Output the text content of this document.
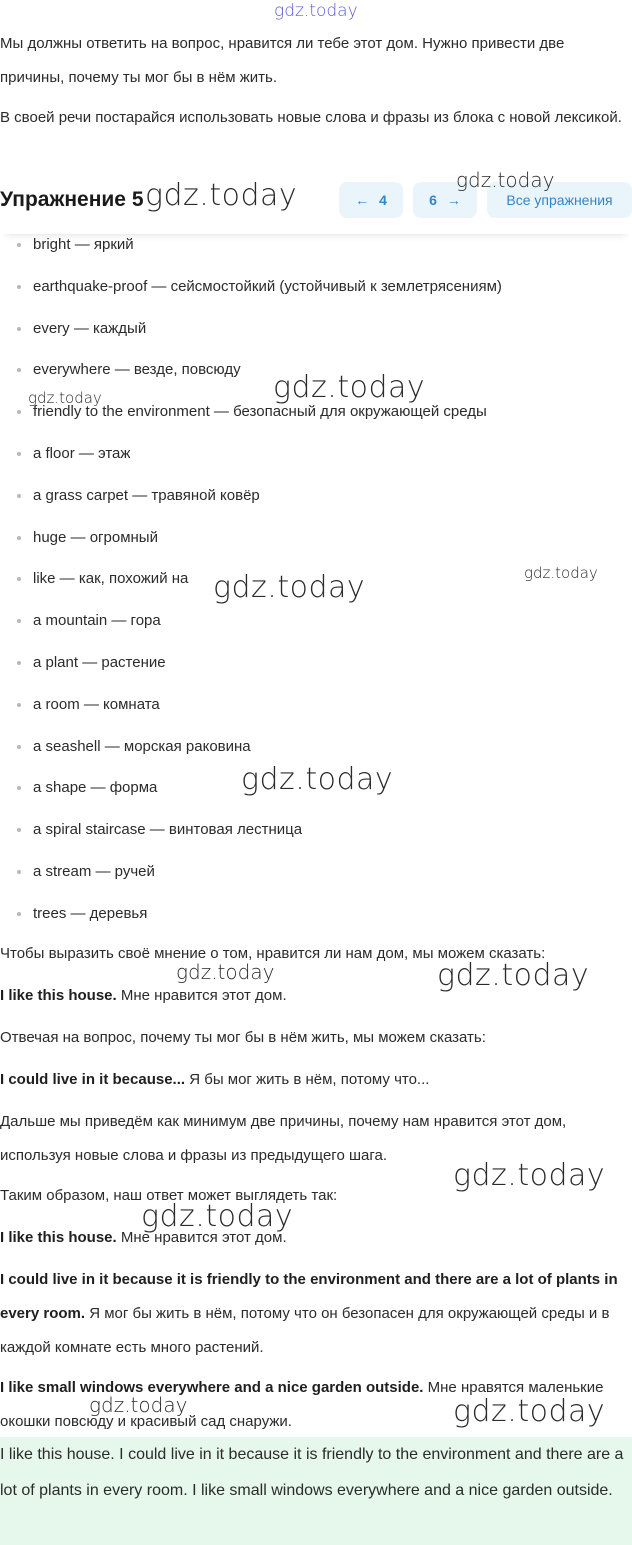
Мы должны ответить на вопрос, нравится ли тебе этот дом. Нужно привести две причины, почему ты мог бы в нём жить.

В своей речи постарайся использовать новые слова и фразы из блока с новой лексикой.

Упражнение 5	← 4	6 →	Все упражнения
bright — яркий
earthquake-proof — сейсмостойкий (устойчивый к землетрясениям)
every — каждый
everywhere — везде, повсюду
friendly to the environment — безопасный для окружающей среды
a floor — этаж
a grass carpet — травяной ковёр
huge — огромный
like — как, похожий на
a mountain — гора
a plant — растение
a room — комната
a seashell — морская раковина
a shape — форма
a spiral staircase — винтовая лестница
a stream — ручей
trees — деревья

Чтобы выразить своё мнение о том, нравится ли нам дом, мы можем сказать:

I like this house. Мне нравится этот дом.

Отвечая на вопрос, почему ты мог бы в нём жить, мы можем сказать:

I could live in it because... Я бы мог жить в нём, потому что...

Дальше мы приведём как минимум две причины, почему нам нравится этот дом, используя новые слова и фразы из предыдущего шага.

Таким образом, наш ответ может выглядеть так:

I like this house. Мне нравится этот дом.

I could live in it because it is friendly to the environment and there are a lot of plants in every room. Я мог бы жить в нём, потому что он безопасен для окружающей среды и в каждой комнате есть много растений.

I like small windows everywhere and a nice garden outside. Мне нравятся маленькие окошки повсюду и красивый сад снаружи.

I like this house. I could live in it because it is friendly to the environment and there are a lot of plants in every room. I like small windows everywhere and a nice garden outside.

gdz.today
gdz.today
gdz.today
gdz.today	gdz.today
gdz.today	gdz.today
gdz.today
gdz.today	gdz.today
gdz.today
gdz.today
gdz.today	gdz.today
